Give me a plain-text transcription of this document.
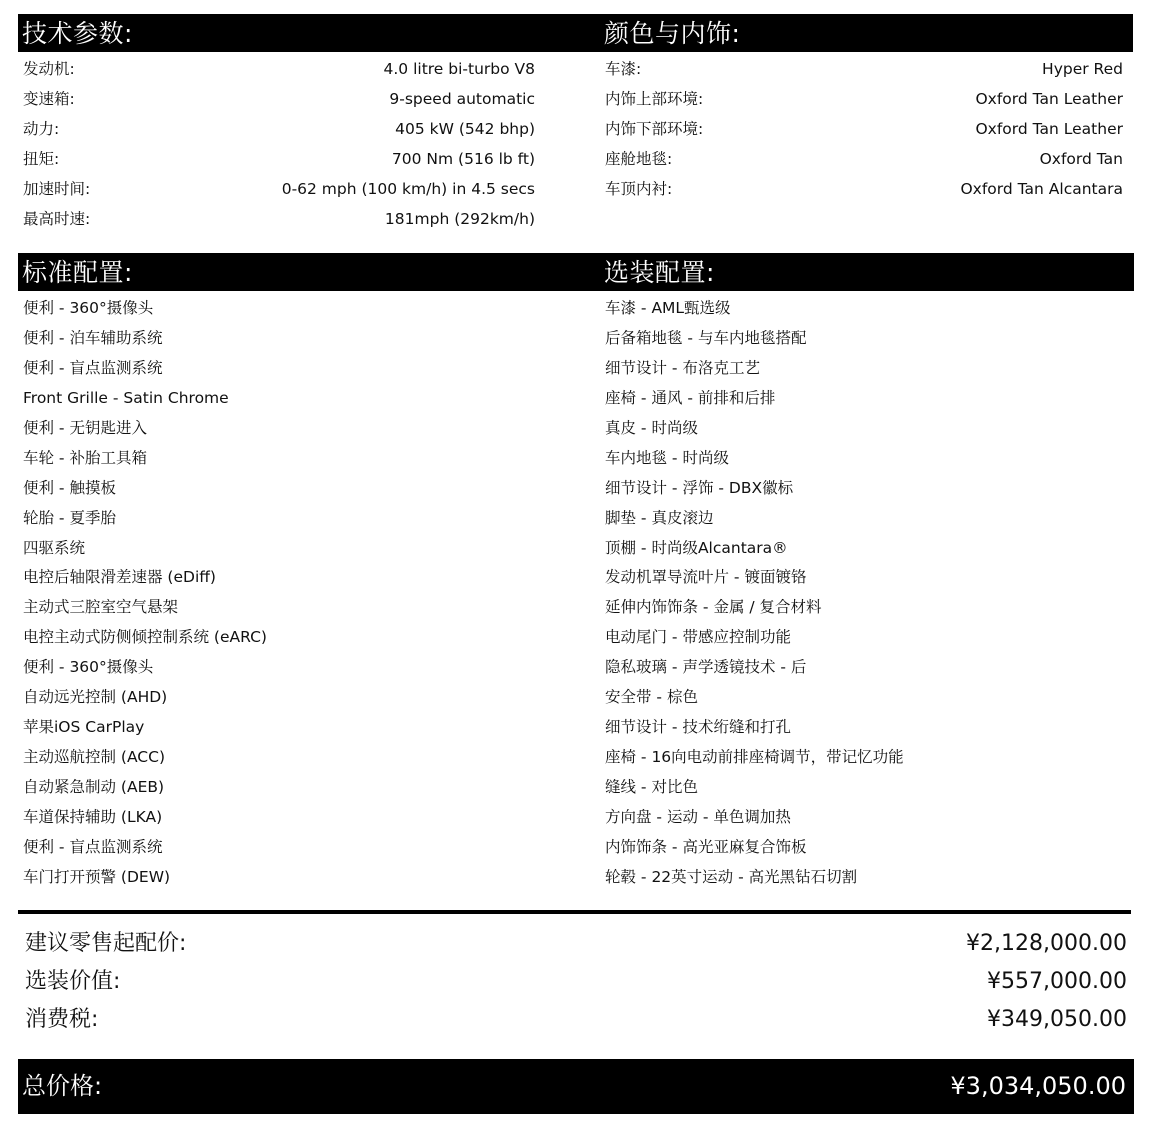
技术参数:
发动机:	4.0 litre bi-turbo V8
变速箱:	9-speed automatic
动力:	405 kW (542 bhp)
扭矩:	700 Nm (516 lb ft)
加速时间:	0-62 mph (100 km/h) in 4.5 secs
最高时速:	181mph (292km/h)
颜色与内饰:
车漆:	Hyper Red
内饰上部环境:	Oxford Tan Leather
内饰下部环境:	Oxford Tan Leather
座舱地毯:	Oxford Tan
车顶内衬:	Oxford Tan Alcantara
标准配置:
便利 - 360°摄像头
便利 - 泊车辅助系统
便利 - 盲点监测系统
Front Grille - Satin Chrome
便利 - 无钥匙进入
车轮 - 补胎工具箱
便利 - 触摸板
轮胎 - 夏季胎
四驱系统
电控后轴限滑差速器 (eDiff)
主动式三腔室空气悬架
电控主动式防侧倾控制系统 (eARC)
便利 - 360°摄像头
自动远光控制 (AHD)
苹果iOS CarPlay
主动巡航控制 (ACC)
自动紧急制动 (AEB)
车道保持辅助 (LKA)
便利 - 盲点监测系统
车门打开预警 (DEW)
选装配置:
车漆 - AML甄选级
后备箱地毯 - 与车内地毯搭配
细节设计 - 布洛克工艺
座椅 - 通风 - 前排和后排
真皮 - 时尚级
车内地毯 - 时尚级
细节设计 - 浮饰 - DBX徽标
脚垫 - 真皮滚边
顶棚 - 时尚级Alcantara®
发动机罩导流叶片 - 镀面镀铬
延伸内饰饰条 - 金属 / 复合材料
电动尾门 - 带感应控制功能
隐私玻璃 - 声学透镜技术 - 后
安全带 - 棕色
细节设计 - 技术绗缝和打孔
座椅 - 16向电动前排座椅调节，带记忆功能
缝线 - 对比色
方向盘 - 运动 - 单色调加热
内饰饰条 - 高光亚麻复合饰板
轮毂 - 22英寸运动 - 高光黑钻石切割
建议零售起配价:	¥2,128,000.00
选装价值:	¥557,000.00
消费税:	¥349,050.00
总价格:	¥3,034,050.00
